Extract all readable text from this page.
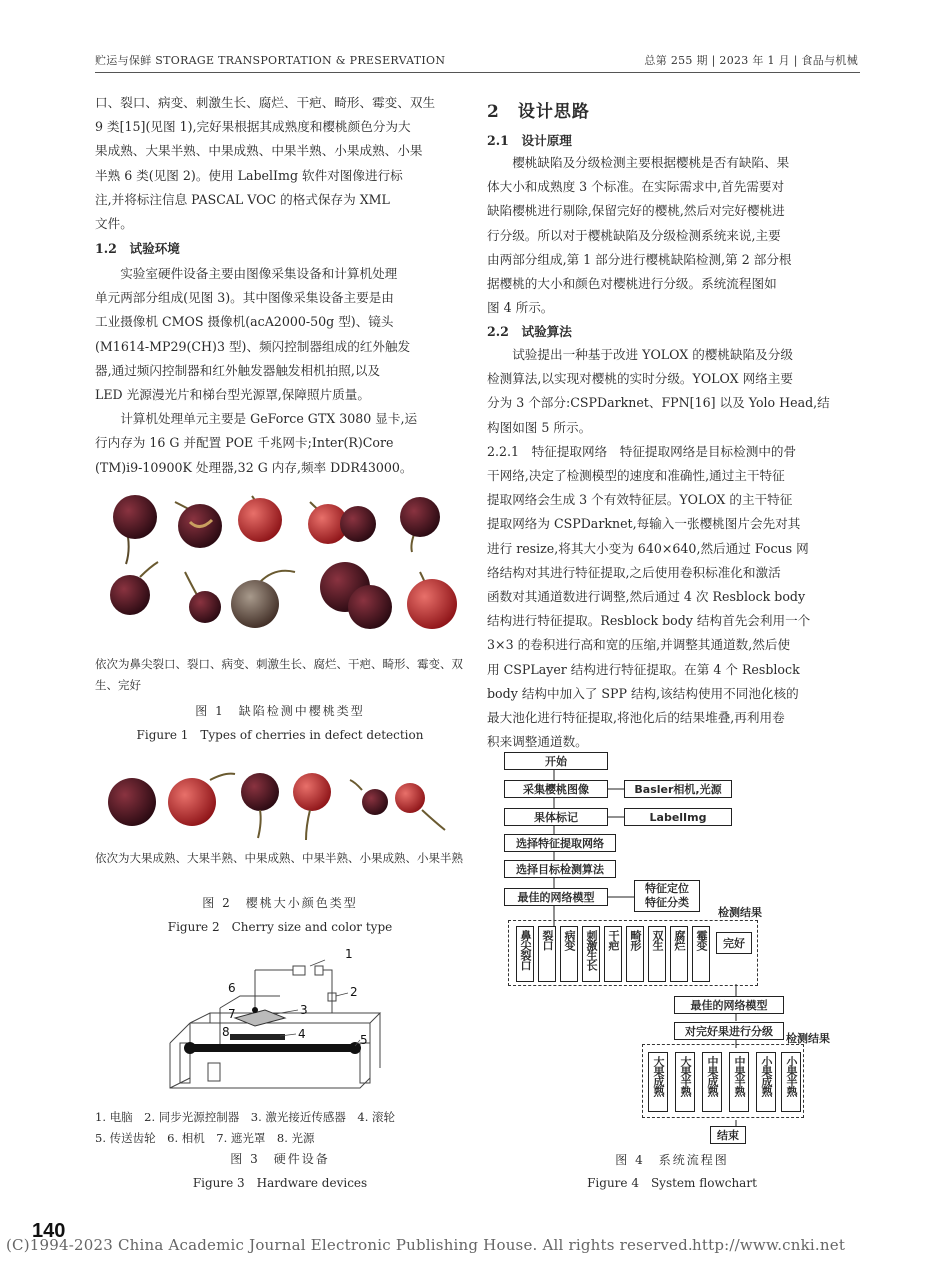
贮运与保鲜 STORAGE TRANSPORTATION & PRESERVATION	总第 255 期 | 2023 年 1 月 | 食品与机械

口、裂口、病变、刺激生长、腐烂、干疤、畸形、霉变、双生

9 类[15](见图 1),完好果根据其成熟度和樱桃颜色分为大

果成熟、大果半熟、中果成熟、中果半熟、小果成熟、小果

半熟 6 类(见图 2)。使用 LabelImg 软件对图像进行标

注,并将标注信息 PASCAL VOC 的格式保存为 XML

文件。

1.2　试验环境

实验室硬件设备主要由图像采集设备和计算机处理

单元两部分组成(见图 3)。其中图像采集设备主要是由

工业摄像机 CMOS 摄像机(acA2000-50g 型)、镜头

(M1614-MP29(CH)3 型)、频闪控制器组成的红外触发

器,通过频闪控制器和红外触发器触发相机拍照,以及

LED 光源漫光片和梯台型光源罩,保障照片质量。

计算机处理单元主要是 GeForce GTX 3080 显卡,运

行内存为 16 G 并配置 POE 千兆网卡;Inter(R)Core

(TM)i9-10900K 处理器,32 G 内存,频率 DDR43000。

依次为鼻尖裂口、裂口、病变、刺激生长、腐烂、干疤、畸形、霉变、双生、完好
图 1　缺陷检测中樱桃类型
Figure 1　Types of cherries in defect detection
依次为大果成熟、大果半熟、中果成熟、中果半熟、小果成熟、小果半熟
图 2　樱桃大小颜色类型
Figure 2　Cherry size and color type
1
2
3
4	5
6
7
8
1. 电脑　2. 同步光源控制器　3. 激光接近传感器　4. 滚轮
5. 传送齿轮　6. 相机　7. 遮光罩　8. 光源
图 3　硬件设备
Figure 3　Hardware devices
2　设计思路
2.1　设计原理

樱桃缺陷及分级检测主要根据樱桃是否有缺陷、果

体大小和成熟度 3 个标准。在实际需求中,首先需要对

缺陷樱桃进行剔除,保留完好的樱桃,然后对完好樱桃进

行分级。所以对于樱桃缺陷及分级检测系统来说,主要

由两部分组成,第 1 部分进行樱桃缺陷检测,第 2 部分根

据樱桃的大小和颜色对樱桃进行分级。系统流程图如

图 4 所示。

2.2　试验算法

试验提出一种基于改进 YOLOX 的樱桃缺陷及分级

检测算法,以实现对樱桃的实时分级。YOLOX 网络主要

分为 3 个部分:CSPDarknet、FPN[16] 以及 Yolo Head,结

构图如图 5 所示。

2.2.1　特征提取网络　特征提取网络是目标检测中的骨

干网络,决定了检测模型的速度和准确性,通过主干特征

提取网络会生成 3 个有效特征层。YOLOX 的主干特征

提取网络为 CSPDarknet,每输入一张樱桃图片会先对其

进行 resize,将其大小变为 640×640,然后通过 Focus 网

络结构对其进行特征提取,之后使用卷积标准化和激活

函数对其通道数进行调整,然后通过 4 次 Resblock body

结构进行特征提取。Resblock body 结构首先会利用一个

3×3 的卷积进行高和宽的压缩,并调整其通道数,然后使

用 CSPLayer 结构进行特征提取。在第 4 个 Resblock

body 结构中加入了 SPP 结构,该结构使用不同池化核的

最大池化进行特征提取,将池化后的结果堆叠,再利用卷

积来调整通道数。

开始
采集樱桃图像	Basler相机,光源
果体标记	LabelImg
选择特征提取网络
选择目标检测算法
最佳的网络模型
特征定位
特征分类
检测结果
鼻尖裂口 裂口 病变 刺激生长 干疤 畸形 双生 腐烂 霉变	完好
最佳的网络模型
对完好果进行分级
检测结果
大果成熟	大果半熟	中果成熟	中果半熟	小果成熟	小果半熟
结束
图 4　系统流程图
Figure 4　System flowchart
140
(C)1994-2023 China Academic Journal Electronic Publishing House. All rights reserved. http://www.cnki.net
